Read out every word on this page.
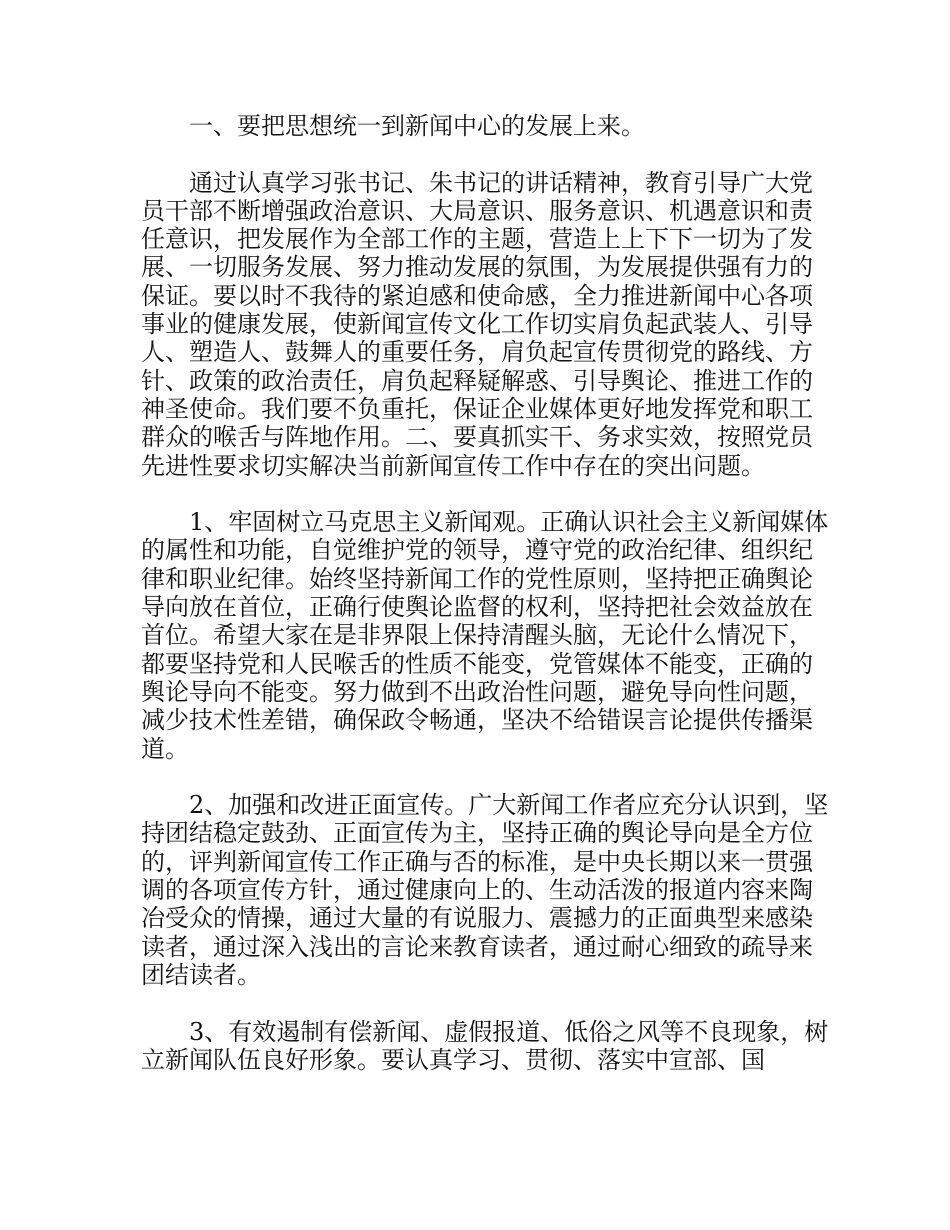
一、要把思想统一到新闻中心的发展上来。

通过认真学习张书记、朱书记的讲话精神，教育引导广大党员干部不断增强政治意识、大局意识、服务意识、机遇意识和责任意识，把发展作为全部工作的主题，营造上上下下一切为了发展、一切服务发展、努力推动发展的氛围，为发展提供强有力的保证。要以时不我待的紧迫感和使命感，全力推进新闻中心各项事业的健康发展，使新闻宣传文化工作切实肩负起武装人、引导人、塑造人、鼓舞人的重要任务，肩负起宣传贯彻党的路线、方针、政策的政治责任，肩负起释疑解惑、引导舆论、推进工作的神圣使命。我们要不负重托，保证企业媒体更好地发挥党和职工群众的喉舌与阵地作用。二、要真抓实干、务求实效，按照党员先进性要求切实解决当前新闻宣传工作中存在的突出问题。

1、牢固树立马克思主义新闻观。正确认识社会主义新闻媒体的属性和功能，自觉维护党的领导，遵守党的政治纪律、组织纪律和职业纪律。始终坚持新闻工作的党性原则，坚持把正确舆论导向放在首位，正确行使舆论监督的权利，坚持把社会效益放在首位。希望大家在是非界限上保持清醒头脑，无论什么情况下，都要坚持党和人民喉舌的性质不能变，党管媒体不能变，正确的舆论导向不能变。努力做到不出政治性问题，避免导向性问题，减少技术性差错，确保政令畅通，坚决不给错误言论提供传播渠道。

2、加强和改进正面宣传。广大新闻工作者应充分认识到，坚持团结稳定鼓劲、正面宣传为主，坚持正确的舆论导向是全方位的，评判新闻宣传工作正确与否的标准，是中央长期以来一贯强调的各项宣传方针，通过健康向上的、生动活泼的报道内容来陶冶受众的情操，通过大量的有说服力、震撼力的正面典型来感染读者，通过深入浅出的言论来教育读者，通过耐心细致的疏导来团结读者。

3、有效遏制有偿新闻、虚假报道、低俗之风等不良现象，树立新闻队伍良好形象。要认真学习、贯彻、落实中宣部、国
